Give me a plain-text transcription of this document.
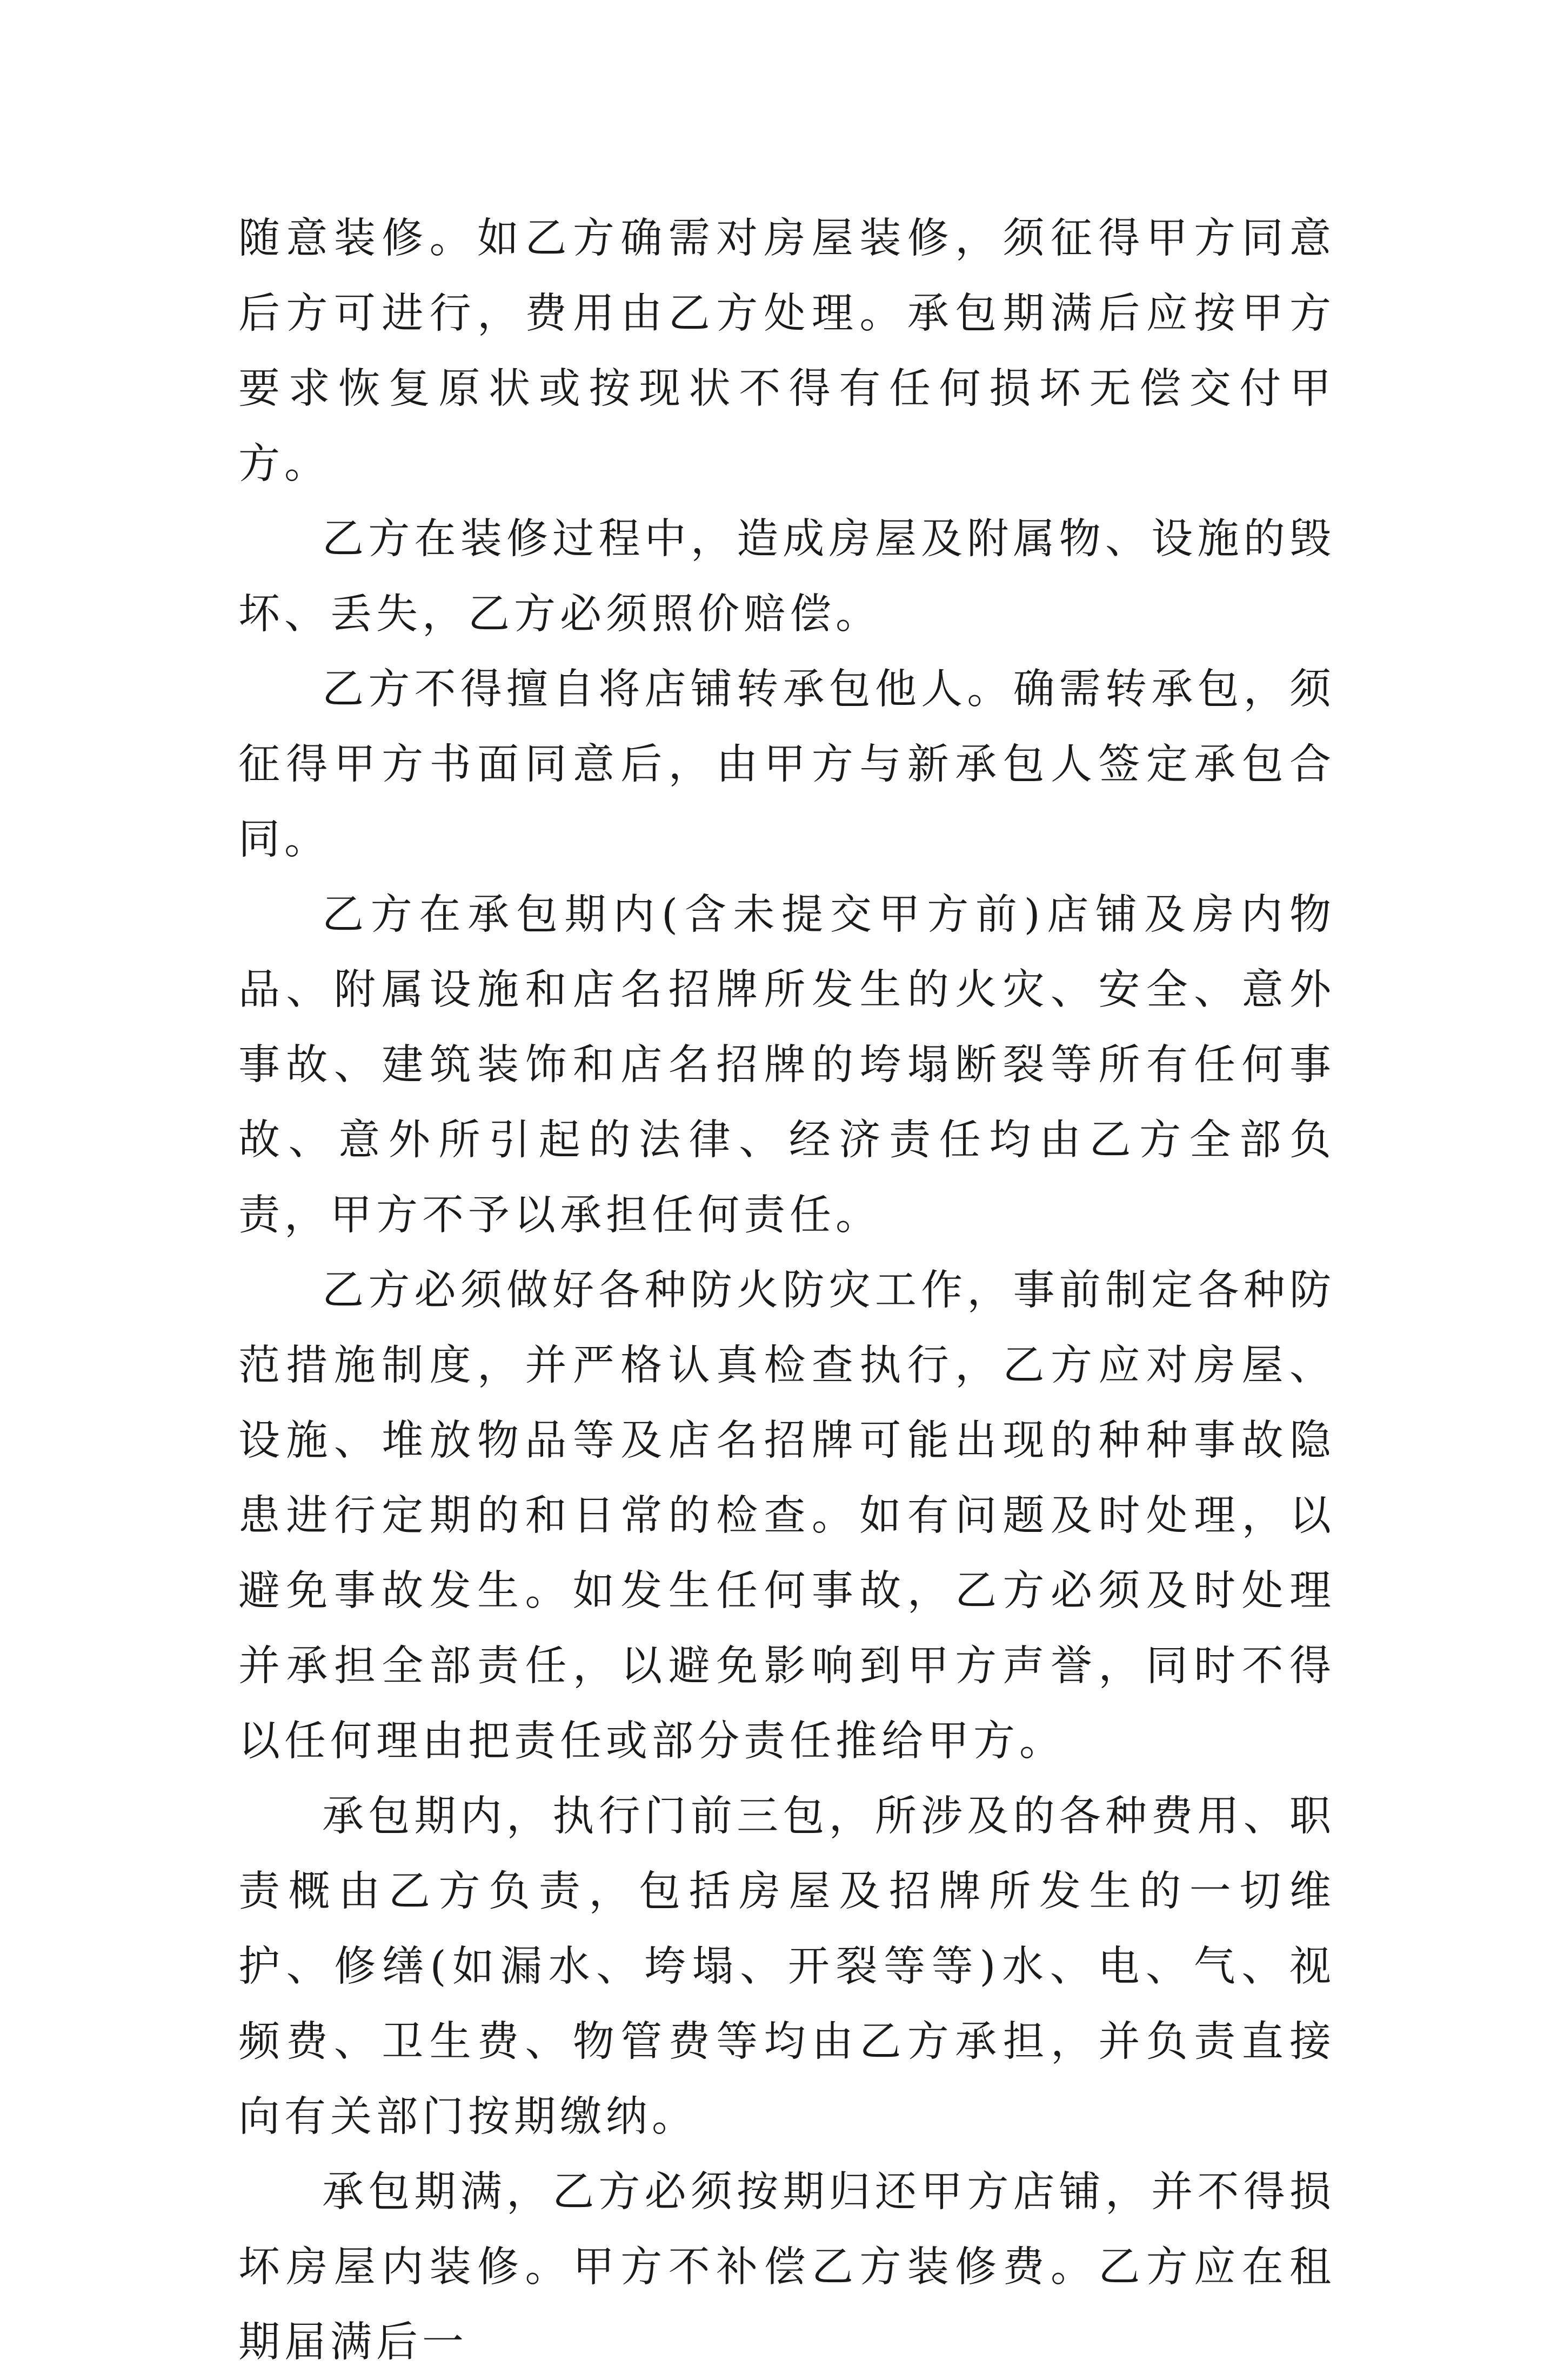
随意装修。如乙方确需对房屋装修，须征得甲方同意后方可进行，费用由乙方处理。承包期满后应按甲方要求恢复原状或按现状不得有任何损坏无偿交付甲方。

乙方在装修过程中，造成房屋及附属物、设施的毁坏、丢失，乙方必须照价赔偿。

乙方不得擅自将店铺转承包他人。确需转承包，须征得甲方书面同意后，由甲方与新承包人签定承包合同。

乙方在承包期内(含未提交甲方前)店铺及房内物品、附属设施和店名招牌所发生的火灾、安全、意外事故、建筑装饰和店名招牌的垮塌断裂等所有任何事故、意外所引起的法律、经济责任均由乙方全部负责，甲方不予以承担任何责任。

乙方必须做好各种防火防灾工作，事前制定各种防范措施制度，并严格认真检查执行，乙方应对房屋、设施、堆放物品等及店名招牌可能出现的种种事故隐患进行定期的和日常的检查。如有问题及时处理，以避免事故发生。如发生任何事故，乙方必须及时处理并承担全部责任，以避免影响到甲方声誉，同时不得以任何理由把责任或部分责任推给甲方。

承包期内，执行门前三包，所涉及的各种费用、职责概由乙方负责，包括房屋及招牌所发生的一切维护、修缮(如漏水、垮塌、开裂等等)水、电、气、视频费、卫生费、物管费等均由乙方承担，并负责直接向有关部门按期缴纳。

承包期满，乙方必须按期归还甲方店铺，并不得损坏房屋内装修。甲方不补偿乙方装修费。乙方应在租期届满后一
